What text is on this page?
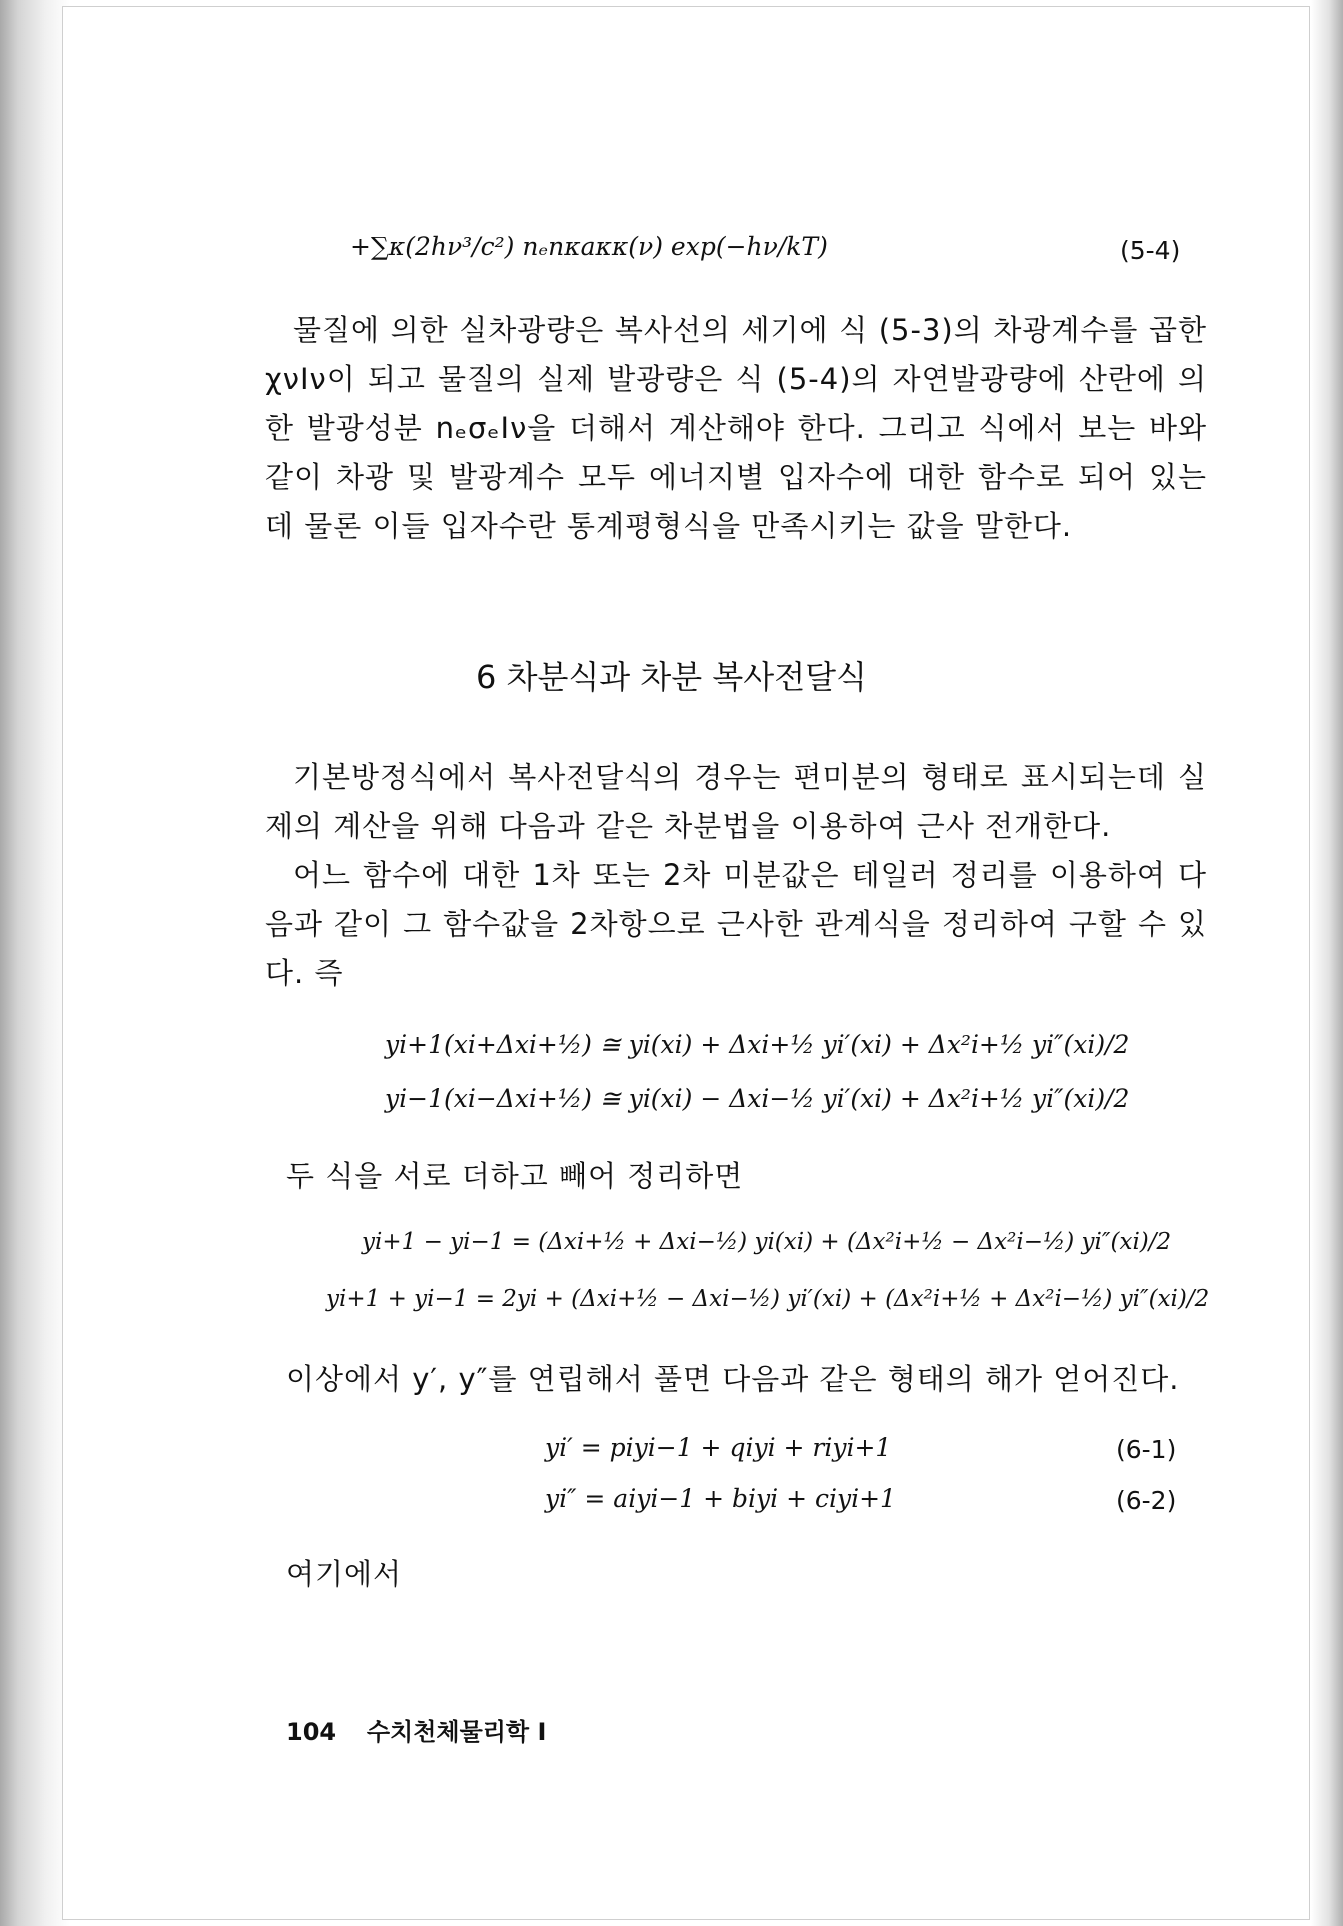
+∑κ(2hν³/c²) nₑnκaκκ(ν) exp(−hν/kT)	(5-4)
물질에 의한 실차광량은 복사선의 세기에 식 (5-3)의 차광계수를 곱한 χνIν이 되고 물질의 실제 발광량은 식 (5-4)의 자연발광량에 산란에 의한 발광성분 nₑσₑIν을 더해서 계산해야 한다. 그리고 식에서 보는 바와 같이 차광 및 발광계수 모두 에너지별 입자수에 대한 함수로 되어 있는데 물론 이들 입자수란 통계평형식을 만족시키는 값을 말한다.
6 차분식과 차분 복사전달식
기본방정식에서 복사전달식의 경우는 편미분의 형태로 표시되는데 실제의 계산을 위해 다음과 같은 차분법을 이용하여 근사 전개한다.
어느 함수에 대한 1차 또는 2차 미분값은 테일러 정리를 이용하여 다음과 같이 그 함수값을 2차항으로 근사한 관계식을 정리하여 구할 수 있다. 즉
yi+1(xi+Δxi+½) ≅ yi(xi) + Δxi+½ yi′(xi) + Δx²i+½ yi″(xi)/2
yi−1(xi−Δxi+½) ≅ yi(xi) − Δxi−½ yi′(xi) + Δx²i+½ yi″(xi)/2
두 식을 서로 더하고 빼어 정리하면
yi+1 − yi−1 = (Δxi+½ + Δxi−½) yi(xi) + (Δx²i+½ − Δx²i−½) yi″(xi)/2
yi+1 + yi−1 = 2yi + (Δxi+½ − Δxi−½) yi′(xi) + (Δx²i+½ + Δx²i−½) yi″(xi)/2
이상에서 y′, y″를 연립해서 풀면 다음과 같은 형태의 해가 얻어진다.
yi′ = piyi−1 + qiyi + riyi+1	(6-1)
yi″ = aiyi−1 + biyi + ciyi+1	(6-2)
여기에서
104 수치천체물리학 I
